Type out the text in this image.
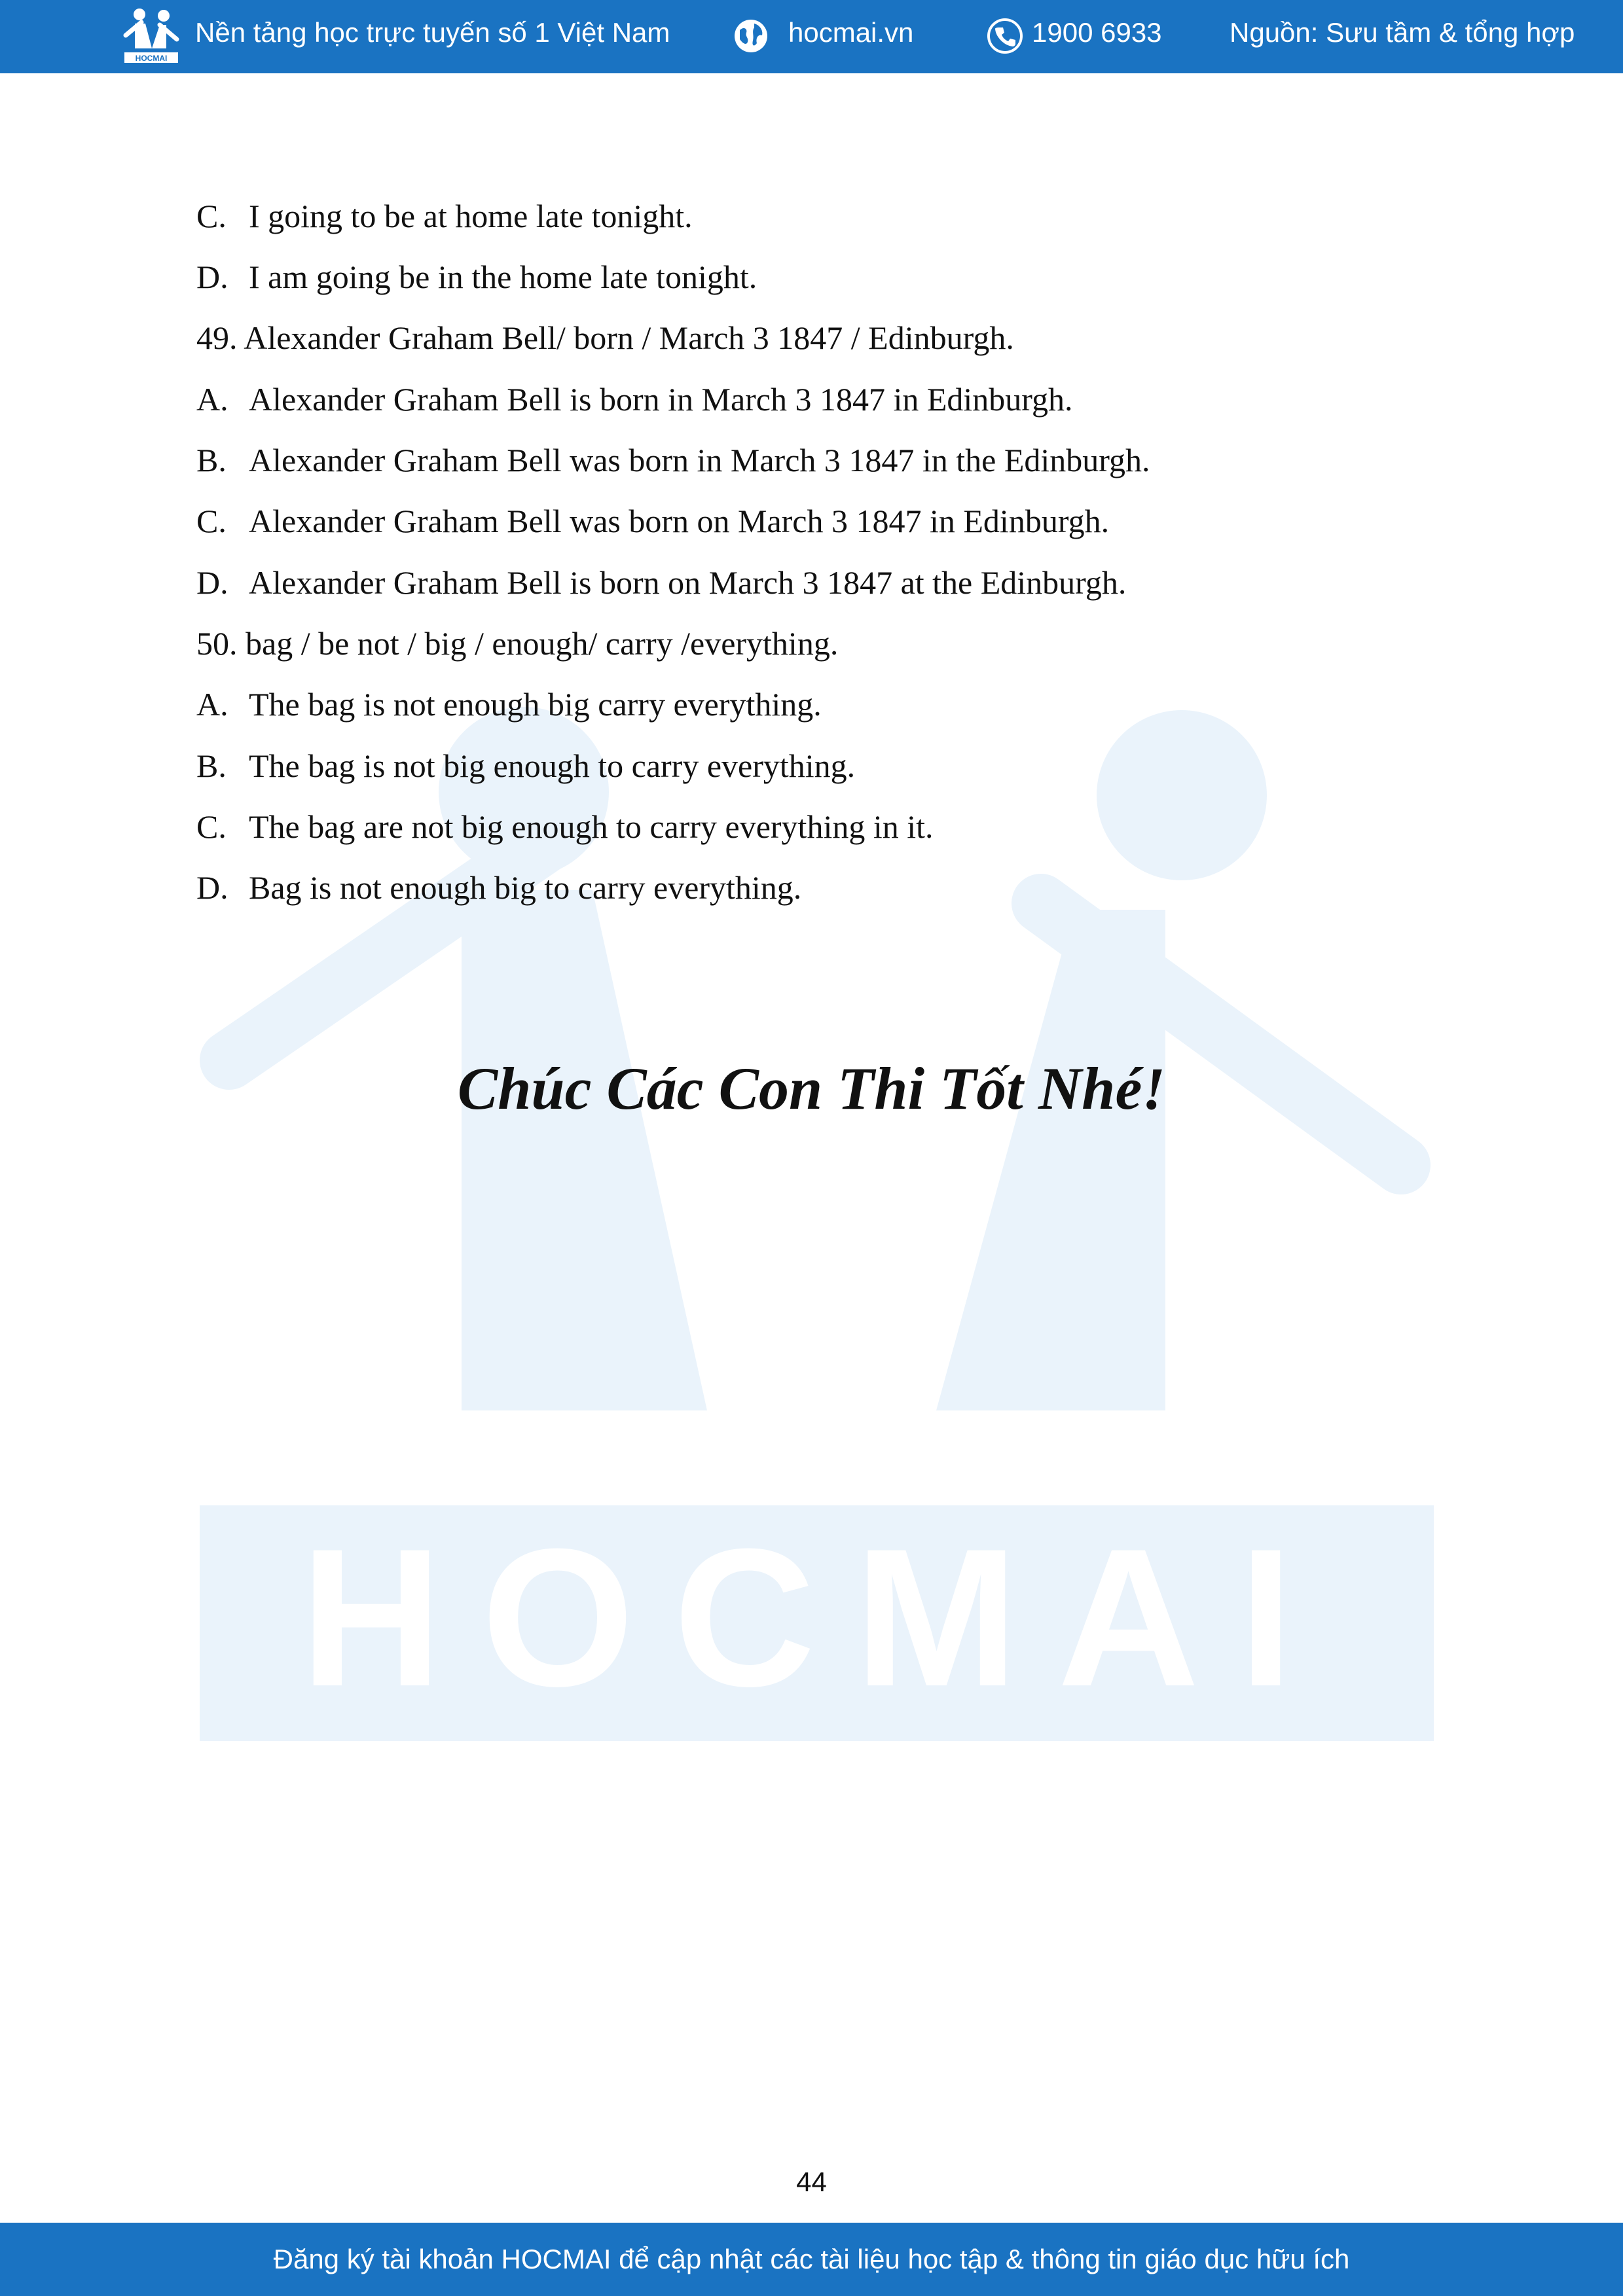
HOCMAI
HOCMAI
Nền tảng học trực tuyến số 1 Việt Nam	hocmai.vn	1900 6933 Nguồn: Sưu tầm & tổng hợp
C. I going to be at home late tonight.
D. I am going be in the home late tonight.
49. Alexander Graham Bell/ born / March 3 1847 / Edinburgh.
A. Alexander Graham Bell is born in March 3 1847 in Edinburgh.
B. Alexander Graham Bell was born in March 3 1847 in the Edinburgh.
C. Alexander Graham Bell was born on March 3 1847 in Edinburgh.
D. Alexander Graham Bell is born on March 3 1847 at the Edinburgh.
50. bag / be not / big / enough/ carry /everything.
A. The bag is not enough big carry everything.
B. The bag is not big enough to carry everything.
C. The bag are not big enough to carry everything in it.
D. Bag is not enough big to carry everything.
Chúc Các Con Thi Tốt Nhé!
44
Đăng ký tài khoản HOCMAI để cập nhật các tài liệu học tập & thông tin giáo dục hữu ích
